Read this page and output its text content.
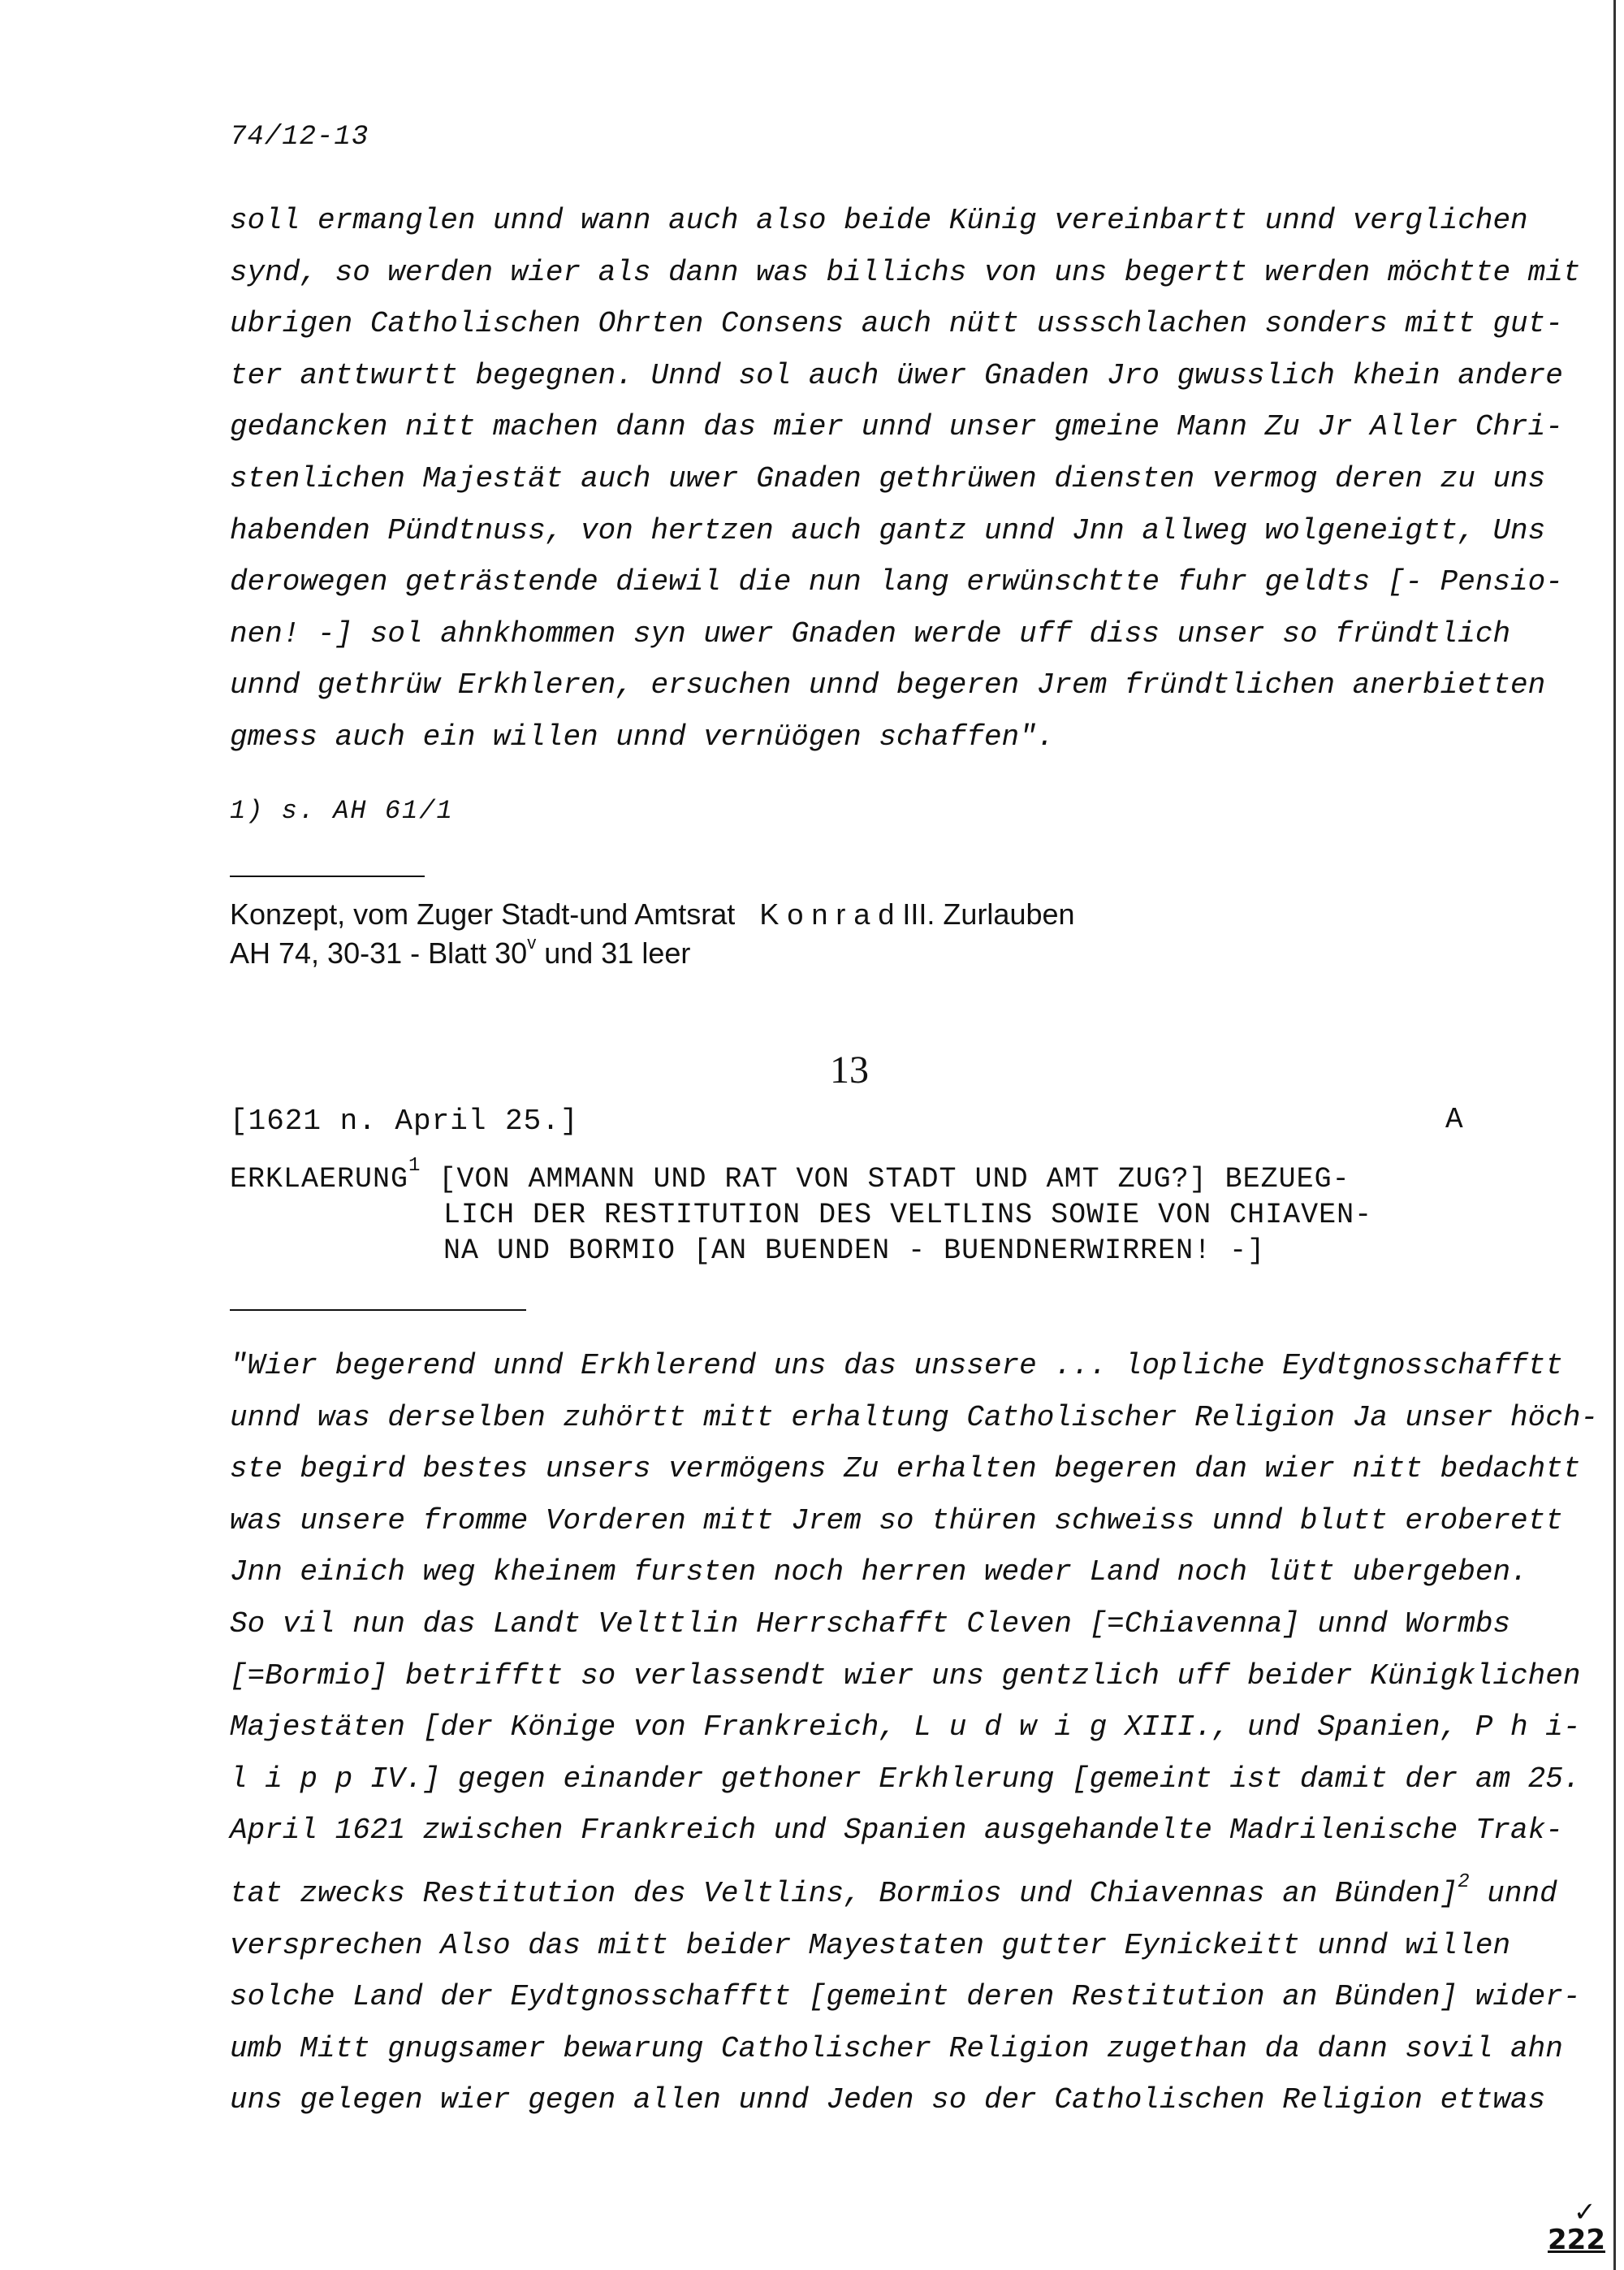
74/12-13
soll ermanglen unnd wann auch also beide Künig vereinbartt unnd verglichen
synd, so werden wier als dann was billichs von uns begertt werden möchtte mit
ubrigen Catholischen Ohrten Consens auch nütt ussschlachen sonders mitt gut-
ter anttwurtt begegnen. Unnd sol auch üwer Gnaden Jro gwusslich khein andere
gedancken nitt machen dann das mier unnd unser gmeine Mann Zu Jr Aller Chri-
stenlichen Majestät auch uwer Gnaden gethrüwen diensten vermog deren zu uns
habenden Pündtnuss, von hertzen auch gantz unnd Jnn allweg wolgeneigtt, Uns
derowegen geträstende diewil die nun lang erwünschtte fuhr geldts [- Pensio-
nen! -] sol ahnkhommen syn uwer Gnaden werde uff diss unser so fründtlich
unnd gethrüw Erkhleren, ersuchen unnd begeren Jrem fründtlichen anerbietten
gmess auch ein willen unnd vernüögen schaffen".
1) s. AH 61/1
Konzept, vom Zuger Stadt-und Amtsrat K o n r a d III. Zurlauben
AH 74, 30-31 - Blatt 30$^v$ und 31 leer
13
[1621 n. April 25.]	A
ERKLAERUNG$^1$ [VON AMMANN UND RAT VON STADT UND AMT ZUG?] BEZUEG-
LICH DER RESTITUTION DES VELTLINS SOWIE VON CHIAVEN-
NA UND BORMIO [AN BUENDEN - BUENDNERWIRREN! -]
"Wier begerend unnd Erkhlerend uns das unssere ... lopliche Eydtgnosschafftt
unnd was derselben zuhörtt mitt erhaltung Catholischer Religion Ja unser höch-
ste begird bestes unsers vermögens Zu erhalten begeren dan wier nitt bedachtt
was unsere fromme Vorderen mitt Jrem so thüren schweiss unnd blutt eroberett
Jnn einich weg kheinem fursten noch herren weder Land noch lütt ubergeben.
So vil nun das Landt Velttlin Herrschafft Cleven [=Chiavenna] unnd Wormbs
[=Bormio] betrifftt so verlassendt wier uns gentzlich uff beider Künigklichen
Majestäten [der Könige von Frankreich, L u d w i g XIII., und Spanien, P h i-
l i p p IV.] gegen einander gethoner Erkhlerung [gemeint ist damit der am 25.
April 1621 zwischen Frankreich und Spanien ausgehandelte Madrilenische Trak-
tat zwecks Restitution des Veltlins, Bormios und Chiavennas an Bünden]$^2$ unnd
versprechen Also das mitt beider Mayestaten gutter Eynickeitt unnd willen
solche Land der Eydtgnosschafftt [gemeint deren Restitution an Bünden] wider-
umb Mitt gnugsamer bewarung Catholischer Religion zugethan da dann sovil ahn
uns gelegen wier gegen allen unnd Jeden so der Catholischen Religion ettwas
✓
222
